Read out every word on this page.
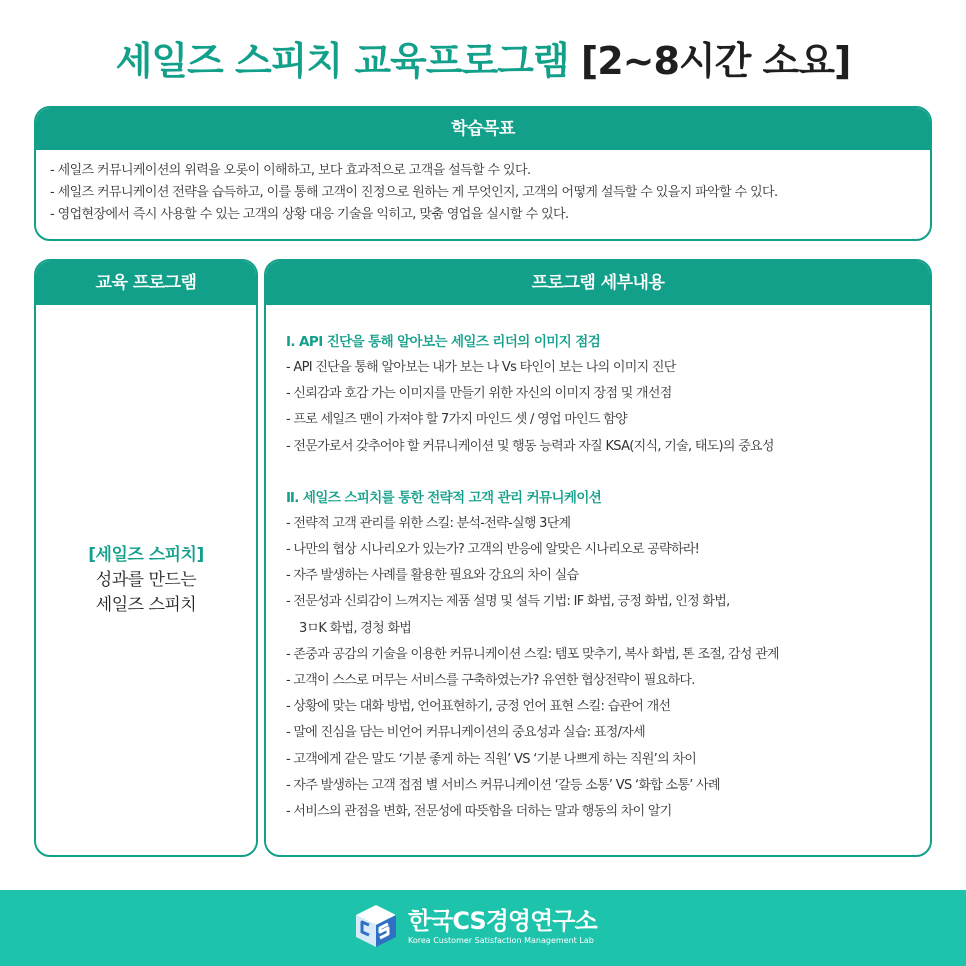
세일즈 스피치 교육프로그램 [2~8시간 소요]
학습목표
- 세일즈 커뮤니케이션의 위력을 오롯이 이해하고, 보다 효과적으로 고객을 설득할 수 있다.
- 세일즈 커뮤니케이션 전략을 습득하고, 이를 통해 고객이 진정으로 원하는 게 무엇인지, 고객의 어떻게 설득할 수 있을지 파악할 수 있다.
- 영업현장에서 즉시 사용할 수 있는 고객의 상황 대응 기술을 익히고, 맞춤 영업을 실시할 수 있다.
교육 프로그램
[세일즈 스피치]
성과를 만드는
세일즈 스피치
프로그램 세부내용
Ⅰ. API 진단을 통해 알아보는 세일즈 리더의 이미지 점검
- API 진단을 통해 알아보는 내가 보는 나 Vs 타인이 보는 나의 이미지 진단
- 신뢰감과 호감 가는 이미지를 만들기 위한 자신의 이미지 장점 및 개선점
- 프로 세일즈 맨이 가져야 할 7가지 마인드 셋 / 영업 마인드 함양
- 전문가로서 갖추어야 할 커뮤니케이션 및 행동 능력과 자질 KSA(지식, 기술, 태도)의 중요성
Ⅱ. 세일즈 스피치를 통한 전략적 고객 관리 커뮤니케이션
- 전략적 고객 관리를 위한 스킬: 분석-전략-실행 3단계
- 나만의 협상 시나리오가 있는가? 고객의 반응에 알맞은 시나리오로 공략하라!
- 자주 발생하는 사례를 활용한 필요와 강요의 차이 실습
- 전문성과 신뢰감이 느껴지는 제품 설명 및 설득 기법: IF 화법, 긍정 화법, 인정 화법,
3ㅁK 화법, 경청 화법
- 존중과 공감의 기술을 이용한 커뮤니케이션 스킬: 템포 맞추기, 복사 화법, 톤 조절, 감성 관계
- 고객이 스스로 머무는 서비스를 구축하였는가? 유연한 협상전략이 필요하다.
- 상황에 맞는 대화 방법, 언어표현하기, 긍정 언어 표현 스킬: 습관어 개선
- 말에 진심을 담는 비언어 커뮤니케이션의 중요성과 실습: 표정/자세
- 고객에게 같은 말도 ‘기분 좋게 하는 직원’ VS ‘기분 나쁘게 하는 직원’의 차이
- 자주 발생하는 고객 접점 별 서비스 커뮤니케이션 ‘갈등 소통’ VS ‘화합 소통’ 사례
- 서비스의 관점을 변화, 전문성에 따뜻함을 더하는 말과 행동의 차이 알기
한국CS경영연구소
Korea Customer Satisfaction Management Lab
